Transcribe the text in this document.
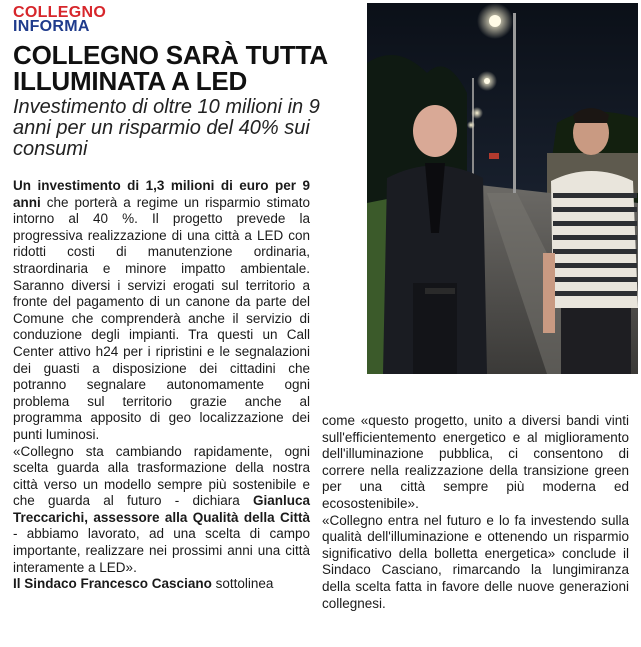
COLLEGNO
INFORMA
COLLEGNO SARÀ TUTTA ILLUMINATA A LED
Investimento di oltre 10 milioni in 9 anni per un risparmio del 40% sui consumi

Un investimento di 1,3 milioni di euro per 9 anni che porterà a regime un risparmio stimato intorno al 40 %. Il progetto prevede la progressiva realizzazione di una città a LED con ridotti costi di manutenzione ordinaria, straordinaria e minore impatto ambientale. Saranno diversi i servizi erogati sul territorio a fronte del pagamento di un canone da parte del Comune che comprenderà anche il servizio di conduzione degli impianti. Tra questi un Call Center attivo h24 per i ripristini e le segnalazioni dei guasti a disposizione dei cittadini che potranno segnalare autonomamente ogni problema sul territorio grazie anche al programma apposito di geo localizzazione dei punti luminosi.

«Collegno sta cambiando rapidamente, ogni scelta guarda alla trasformazione della nostra città verso un modello sempre più sostenibile e che guarda al futuro - dichiara Gianluca Treccarichi, assessore alla Qualità della Città - abbiamo lavorato, ad una scelta di campo importante, realizzare nei prossimi anni una città interamente a LED».

Il Sindaco Francesco Casciano sottolinea

come «questo progetto, unito a diversi bandi vinti sull'efficientemento energetico e al miglioramento dell'illuminazione pubblica, ci consentono di correre nella realizzazione della transizione green per una città sempre più moderna ed ecosostenibile».

«Collegno entra nel futuro e lo fa investendo sulla qualità dell'illuminazione e ottenendo un risparmio significativo della bolletta energetica» conclude il Sindaco Casciano, rimarcando la lungimiranza della scelta fatta in favore delle nuove generazioni collegnesi.
